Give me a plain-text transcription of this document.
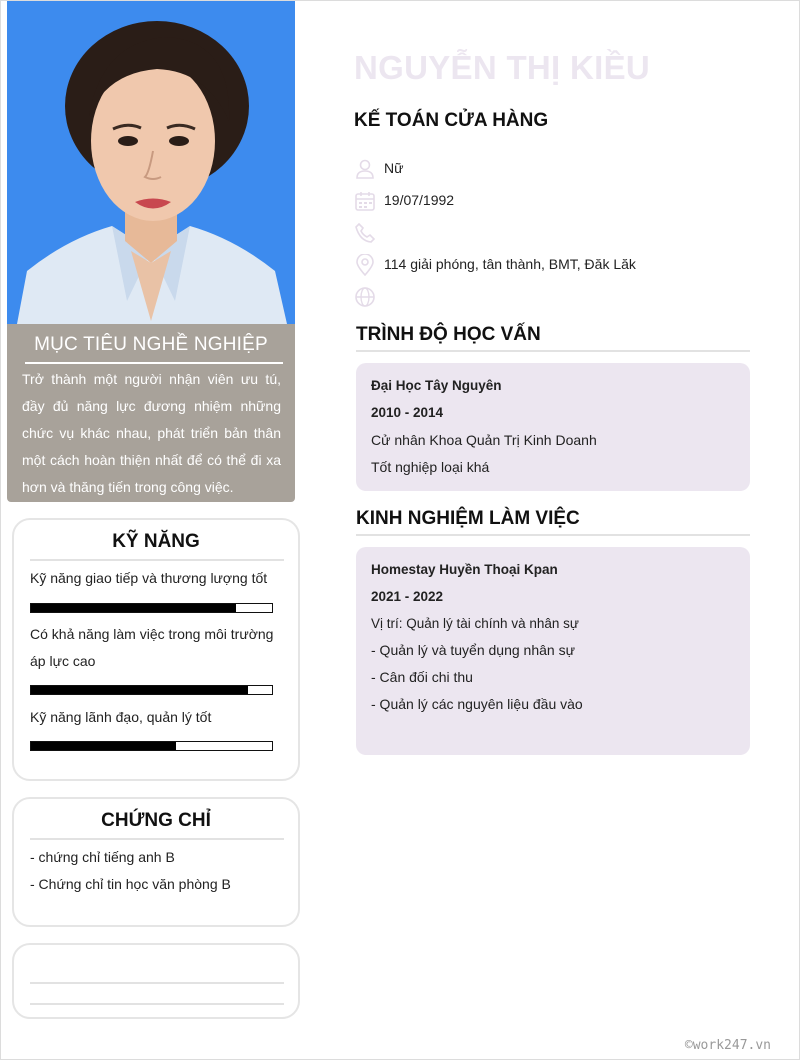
MỤC TIÊU NGHỀ NGHIỆP

Trở thành một người nhận viên ưu tú, đầy đủ năng lực đương nhiệm những chức vụ khác nhau, phát triển bản thân một cách hoàn thiện nhất để có thể đi xa hơn và thăng tiến trong công việc.

KỸ NĂNG
Kỹ năng giao tiếp và thương lượng tốt
Có khả năng làm việc trong môi trường áp lực cao
Kỹ năng lãnh đạo, quản lý tốt
CHỨNG CHỈ
- chứng chỉ tiếng anh B
- Chứng chỉ tin học văn phòng B
NGUYỄN THỊ KIỀU
KẾ TOÁN CỬA HÀNG
Nữ
19/07/1992
114 giải phóng, tân thành, BMT, Đăk Lăk
TRÌNH ĐỘ HỌC VẤN
Đại Học Tây Nguyên
2010 - 2014
Cử nhân Khoa Quản Trị Kinh Doanh
Tốt nghiệp loại khá
KINH NGHIỆM LÀM VIỆC
Homestay Huyền Thoại Kpan
2021 - 2022
Vị trí: Quản lý tài chính và nhân sự
- Quản lý và tuyển dụng nhân sự
- Cân đối chi thu
- Quản lý các nguyên liệu đầu vào
©work247.vn
